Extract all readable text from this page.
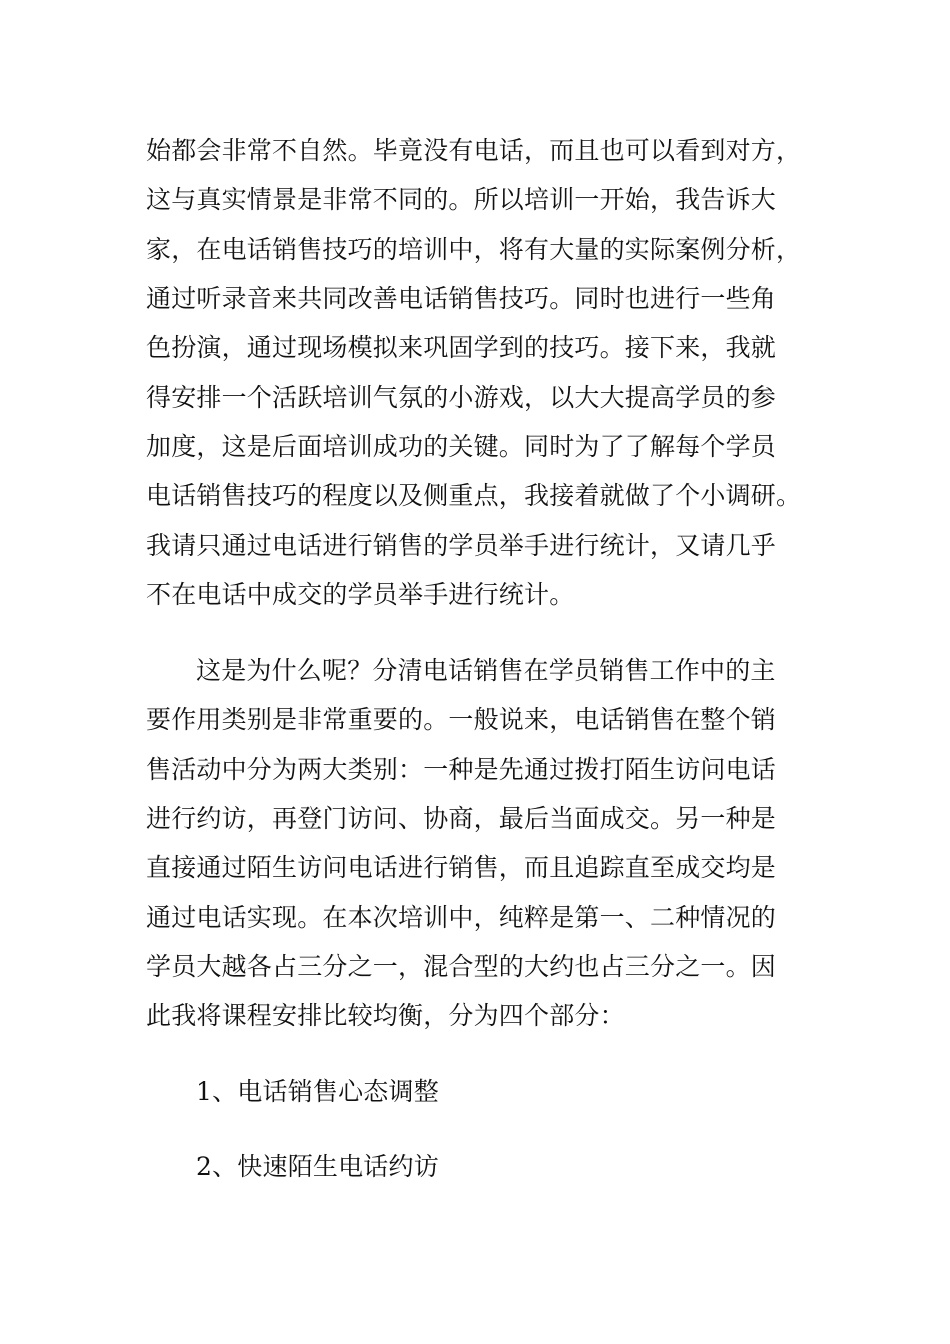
始都会非常不自然。毕竟没有电话，而且也可以看到对方，
这与真实情景是非常不同的。所以培训一开始，我告诉大
家，在电话销售技巧的培训中，将有大量的实际案例分析，
通过听录音来共同改善电话销售技巧。同时也进行一些角
色扮演，通过现场模拟来巩固学到的技巧。接下来，我就
得安排一个活跃培训气氛的小游戏，以大大提高学员的参
加度，这是后面培训成功的关键。同时为了了解每个学员
电话销售技巧的程度以及侧重点，我接着就做了个小调研。
我请只通过电话进行销售的学员举手进行统计，又请几乎
不在电话中成交的学员举手进行统计。
这是为什么呢？分清电话销售在学员销售工作中的主
要作用类别是非常重要的。一般说来，电话销售在整个销
售活动中分为两大类别：一种是先通过拨打陌生访问电话
进行约访，再登门访问、协商，最后当面成交。另一种是
直接通过陌生访问电话进行销售，而且追踪直至成交均是
通过电话实现。在本次培训中，纯粹是第一、二种情况的
学员大越各占三分之一，混合型的大约也占三分之一。因
此我将课程安排比较均衡，分为四个部分：
1、电话销售心态调整
2、快速陌生电话约访
